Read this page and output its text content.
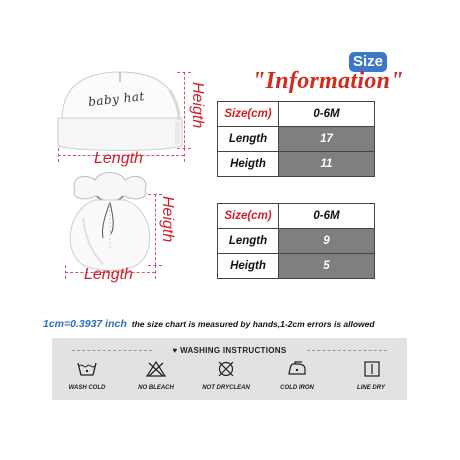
baby hat
Length
Heigth
Length
Heigth
Size
"Information"
Size(cm)	0-6M
Length	17
Heigth	11
Size(cm)	0-6M
Length	9
Heigth	5
1cm=0.3937 inch the size chart is measured by hands,1-2cm errors is allowed
♥ WASHING INSTRUCTIONS
WASH COLD	NO BLEACH	NOT DRYCLEAN	COLD IRON	LINE DRY
